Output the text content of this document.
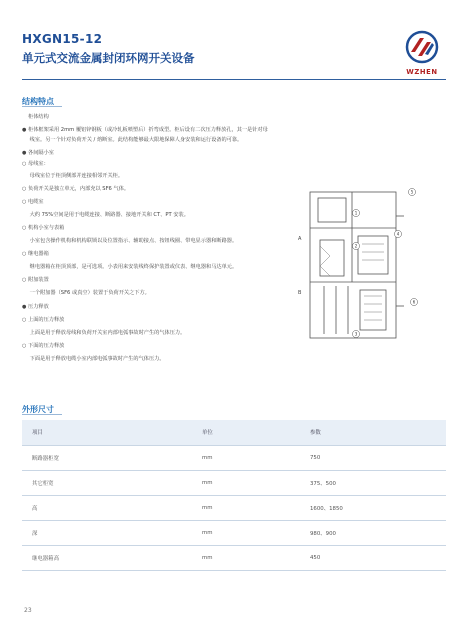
HXGN15-12
单元式交流金属封闭环网开关设备
WZHEN
结构特点
柜体结构
● 柜体框架采用 2mm 覆铝锌钢板（或冷轧板喷塑后）折弯成型。柜后设有二次压力释放孔，其一是针对母
线室。另一个针对负荷开关 / 熔断室。此结构能够最大限地保障人身安装和运行设备的可靠。
● 各间隔小室
○ 母线室：
母线室位于柜顶侧部并连接相邻开关柜。
○ 负荷开关是独立单元，内部充以 SF6 气体。
○ 电缆室
大约 75%空间是用于电缆连接、断路器、接地开关和 CT、PT 安装。
○ 机构小室与表箱
小室包含操作机构和机构联锁以及位置指示、辅助接点、按钮线圈、带电显示器和断路器。
○ 继电器箱
继电器箱在柜顶顶部，是可选项。小表用来安装线终保护装置或仪表、继电器和马达单元。
○ 附加装置
一个附加器（SF6 或真空）装置于负荷开关之下方。
● 压力释放
○ 上面的压力释放
上面是用于释放母线和负荷开关室内部电弧事故时产生的气体压力。
○ 下面的压力释放
下面是用于释放电缆小室内部电弧事故时产生的气体压力。
A
B
1
2
3
4
5
6
外形尺寸
项目	单位	参数
断路器柜宽	mm	750
其它柜宽	mm	375、500
高	mm	1600、1850
深	mm	980、900
继电器箱高	mm	450
23
